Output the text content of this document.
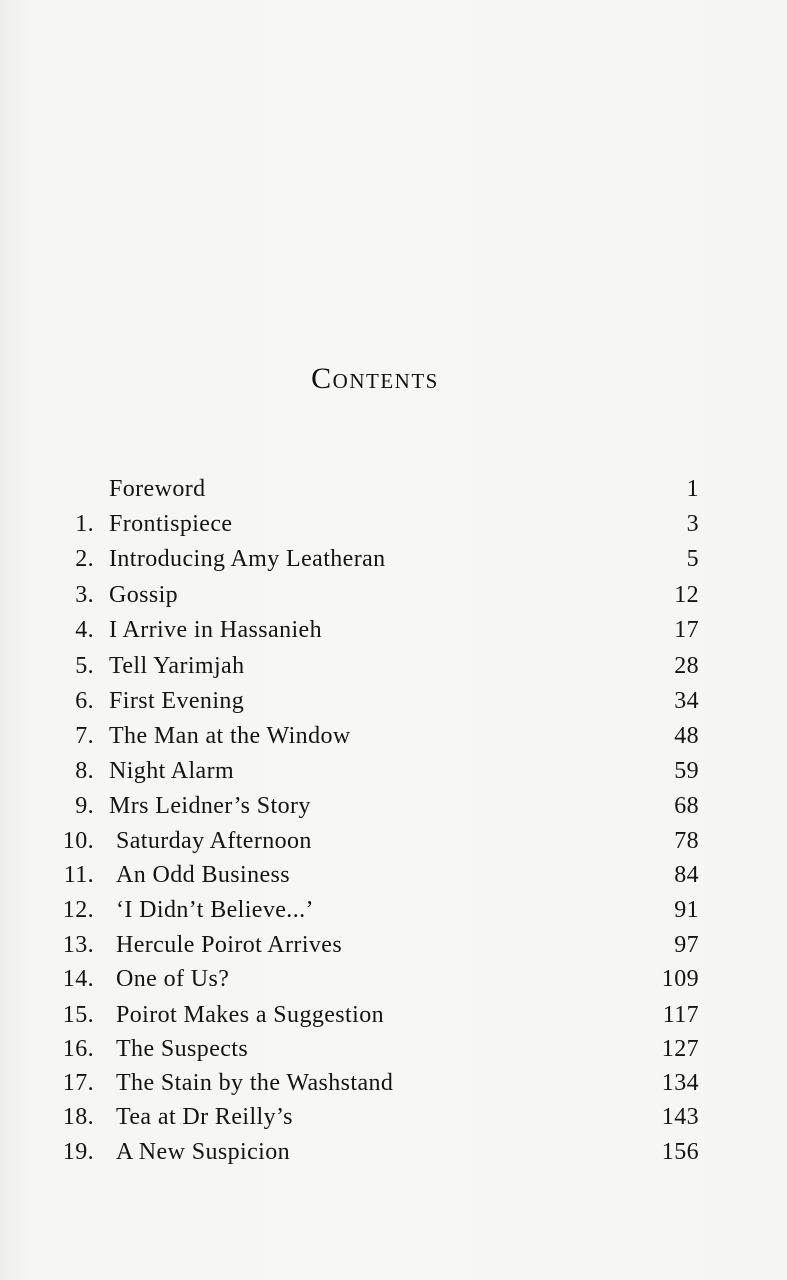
Contents
Foreword	1
1. Frontispiece	3
2. Introducing Amy Leatheran	5
3. Gossip	12
4. I Arrive in Hassanieh	17
5. Tell Yarimjah	28
6. First Evening	34
7. The Man at the Window	48
8. Night Alarm	59
9. Mrs Leidner’s Story	68
10. Saturday Afternoon	78
11. An Odd Business	84
12. ‘I Didn’t Believe...’	91
13. Hercule Poirot Arrives	97
14. One of Us?	109
15. Poirot Makes a Suggestion	117
16. The Suspects	127
17. The Stain by the Washstand	134
18. Tea at Dr Reilly’s	143
19. A New Suspicion	156
